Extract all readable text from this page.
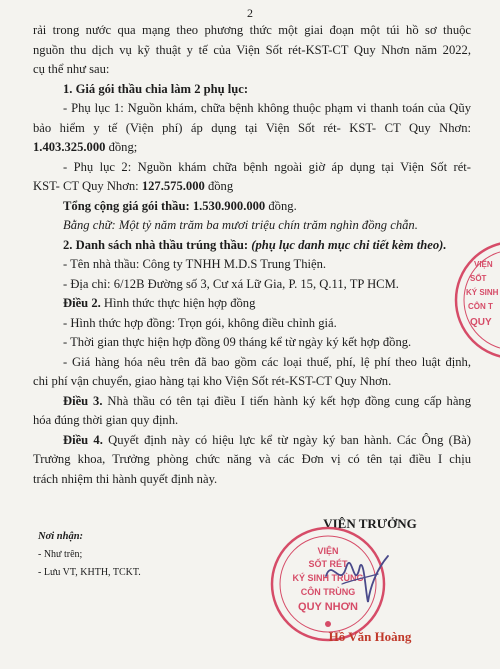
2

rải trong nước qua mạng theo phương thức một giai đoạn một túi hồ sơ thuộc

nguồn thu dịch vụ kỹ thuật y tế của Viện Sốt rét-KST-CT Quy Nhơn năm 2022,

cụ thể như sau:

1. Giá gói thầu chia làm 2 phụ lục:

- Phụ lục 1: Nguồn khám, chữa bệnh không thuộc phạm vi thanh toán của Qũy

bảo hiểm y tế (Viện phí) áp dụng tại Viện Sốt rét- KST- CT Quy Nhơn:

1.403.325.000 đồng;

- Phụ lục 2: Nguồn khám chữa bệnh ngoài giờ áp dụng tại Viện Sốt rét-

KST- CT Quy Nhơn: 127.575.000 đồng

Tổng cộng giá gói thầu: 1.530.900.000 đồng.

Bằng chữ: Một tỷ năm trăm ba mươi triệu chín trăm nghìn đồng chẵn.

2. Danh sách nhà thầu trúng thầu: (phụ lục danh mục chi tiết kèm theo).

- Tên nhà thầu: Công ty TNHH M.D.S Trung Thiện.

- Địa chỉ: 6/12B Đường số 3, Cư xá Lữ Gia, P. 15, Q.11, TP HCM.

Điều 2. Hình thức thực hiện hợp đồng

- Hình thức hợp đồng: Trọn gói, không điều chỉnh giá.

- Thời gian thực hiện hợp đồng 09 tháng kể từ ngày ký kết hợp đồng.

- Giá hàng hóa nêu trên đã bao gồm các loại thuế, phí, lệ phí theo luật định,

chi phí vận chuyển, giao hàng tại kho Viện Sốt rét-KST-CT Quy Nhơn.

Điều 3. Nhà thầu có tên tại điều I tiến hành ký kết hợp đồng cung cấp hàng

hóa đúng thời gian quy định.

Điều 4. Quyết định này có hiệu lực kể từ ngày ký ban hành. Các Ông (Bà)

Trưởng khoa, Trưởng phòng chức năng và các Đơn vị có tên tại điều I chịu

trách nhiệm thi hành quyết định này.

Nơi nhận:
- Như trên;
- Lưu VT, KHTH, TCKT.
VIỆN TRƯỞNG
VIỆN
SỐT RÉT
KÝ SINH TRÙNG
CÔN TRÙNG
QUY NHƠN
Hồ Văn Hoàng
VIỆN
SỐT
KÝ SINH
CÔN T
QUY
